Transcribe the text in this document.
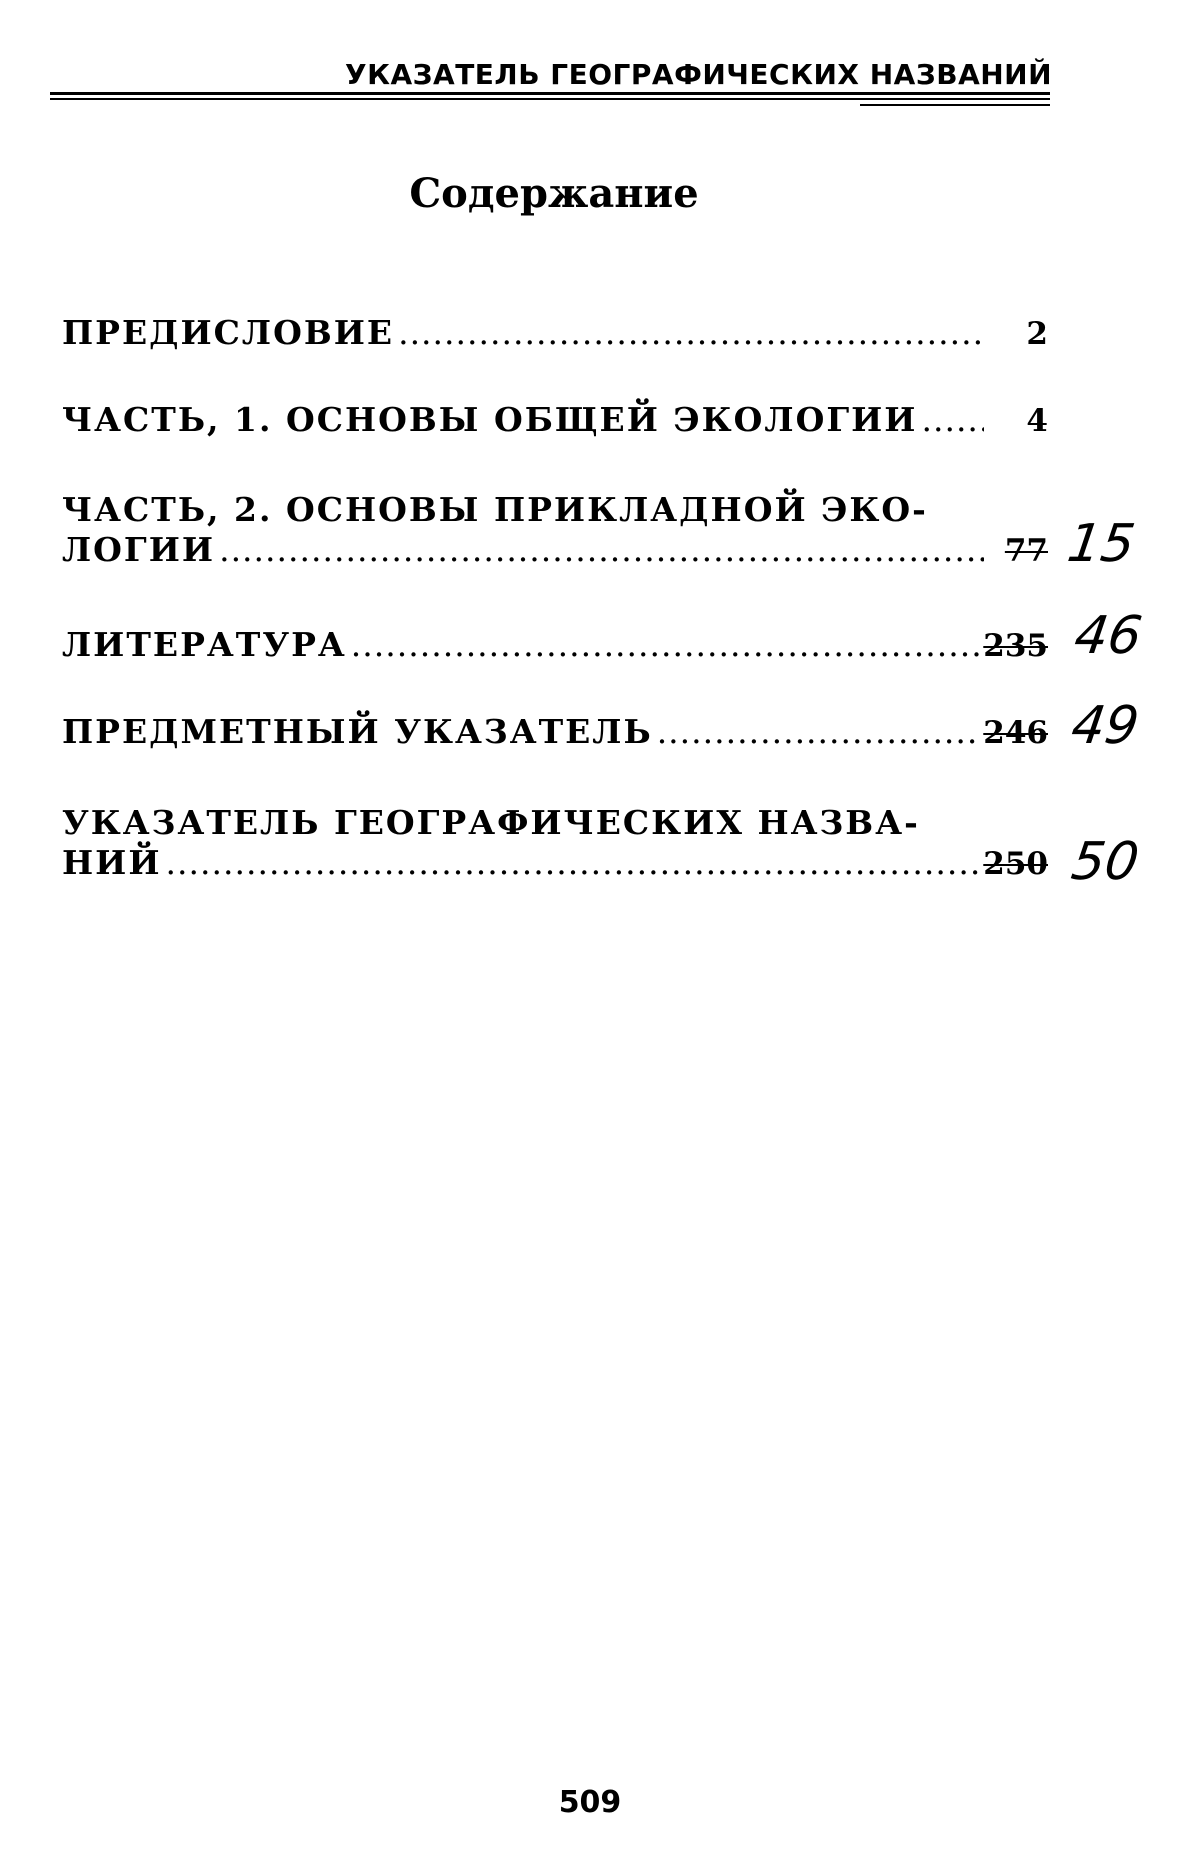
УКАЗАТЕЛЬ ГЕОГРАФИЧЕСКИХ НАЗВАНИЙ
Содержание
ПРЕДИСЛОВИЕ .....	2
ЧАСТЬ, 1. ОСНОВЫ ОБЩЕЙ ЭКОЛОГИИ .....	4
ЧАСТЬ, 2. ОСНОВЫ ПРИКЛАДНОЙ ЭКО-
ЛОГИИ .....	77 15
ЛИТЕРАТУРА .....	235 46
ПРЕДМЕТНЫЙ УКАЗАТЕЛЬ .....	246 49
УКАЗАТЕЛЬ ГЕОГРАФИЧЕСКИХ НАЗВА-
НИЙ .....	250 50
509
